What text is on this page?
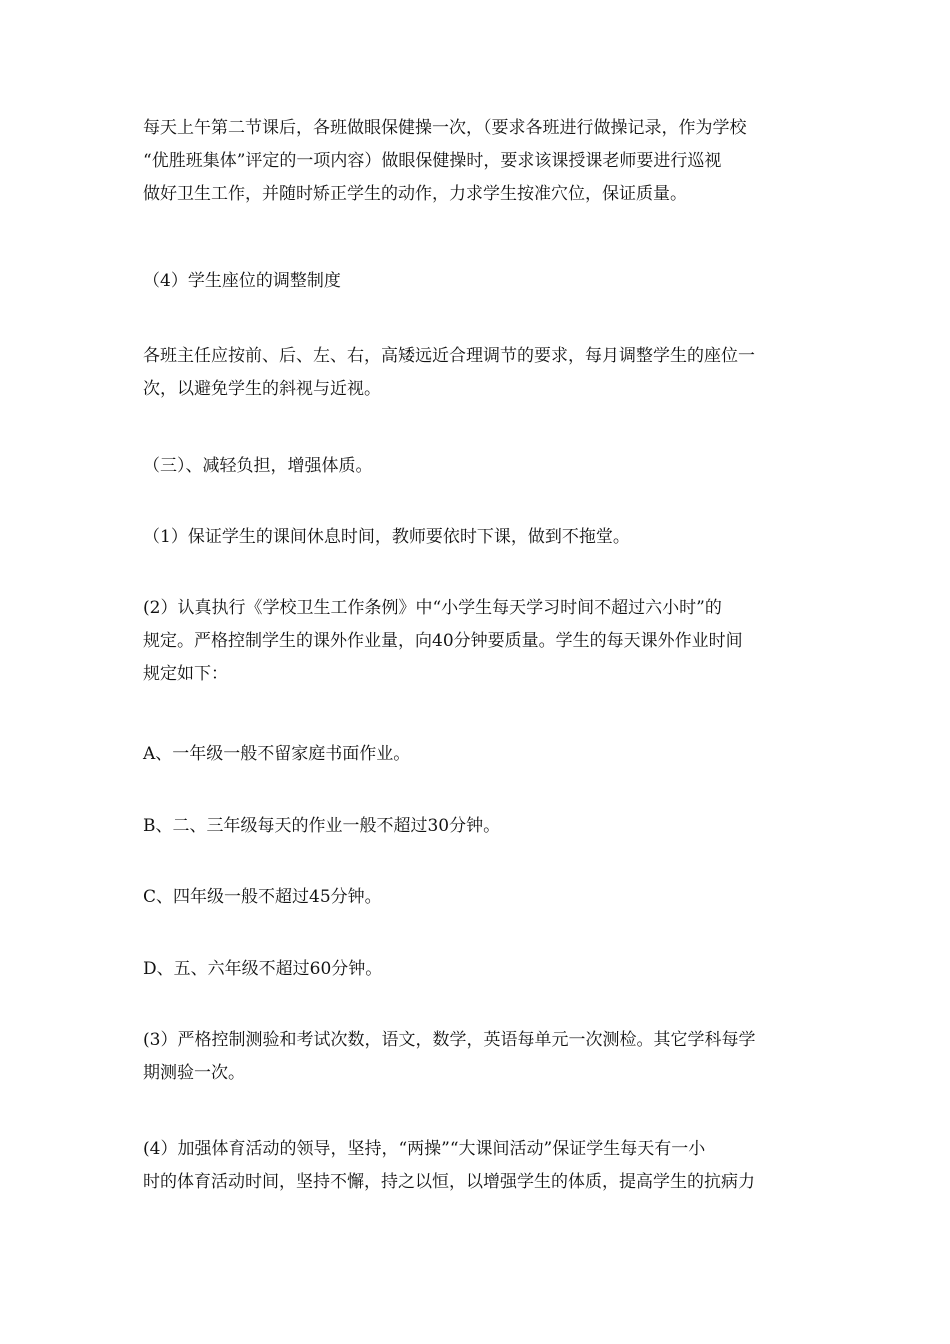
每天上午第二节课后，各班做眼保健操一次，（要求各班进行做操记录，作为学校
“优胜班集体”评定的一项内容）做眼保健操时，要求该课授课老师要进行巡视
做好卫生工作，并随时矫正学生的动作，力求学生按准穴位，保证质量。

（4）学生座位的调整制度

各班主任应按前、后、左、右，高矮远近合理调节的要求，每月调整学生的座位一
次，以避免学生的斜视与近视。

（三）、减轻负担，增强体质。

（1）保证学生的课间休息时间，教师要依时下课，做到不拖堂。

(2）认真执行《学校卫生工作条例》中“小学生每天学习时间不超过六小时”的
规定。严格控制学生的课外作业量，向40分钟要质量。学生的每天课外作业时间
规定如下：

A、一年级一般不留家庭书面作业。

B、二、三年级每天的作业一般不超过30分钟。

C、四年级一般不超过45分钟。

D、五、六年级不超过60分钟。

(3）严格控制测验和考试次数，语文，数学，英语每单元一次测检。其它学科每学
期测验一次。

(4）加强体育活动的领导，坚持，“两操”“大课间活动”保证学生每天有一小
时的体育活动时间，坚持不懈，持之以恒，以增强学生的体质，提高学生的抗病力
